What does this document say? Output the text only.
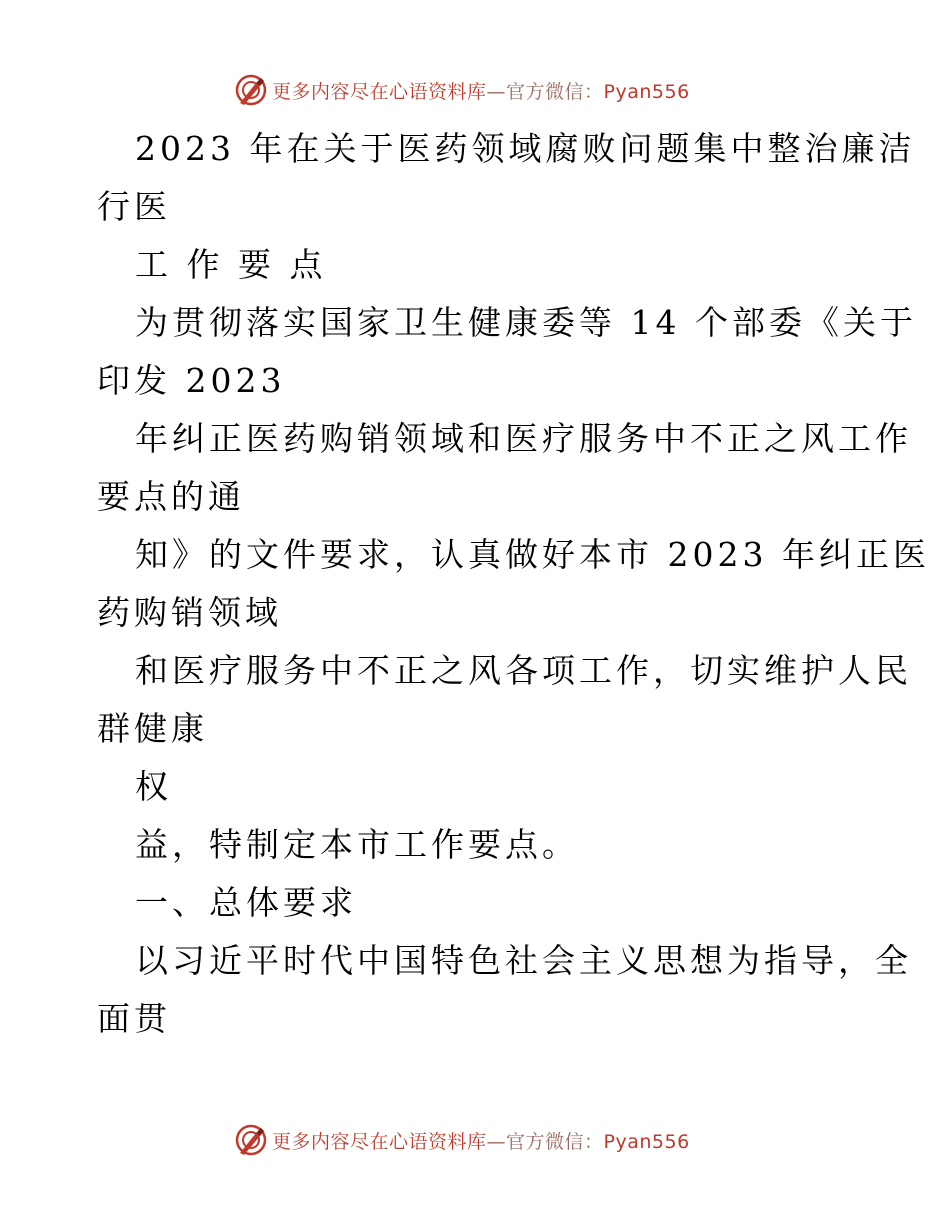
更多内容尽在心语资料库—官方微信：Pyan556
2023 年在关于医药领域腐败问题集中整治廉洁
行医
工 作 要 点
为贯彻落实国家卫生健康委等 14 个部委《关于
印发 2023
年纠正医药购销领域和医疗服务中不正之风工作
要点的通
知》的文件要求，认真做好本市 2023 年纠正医
药购销领域
和医疗服务中不正之风各项工作，切实维护人民
群健康
权
益，特制定本市工作要点。
一、总体要求
以习近平时代中国特色社会主义思想为指导，全
面贯
更多内容尽在心语资料库—官方微信：Pyan556
